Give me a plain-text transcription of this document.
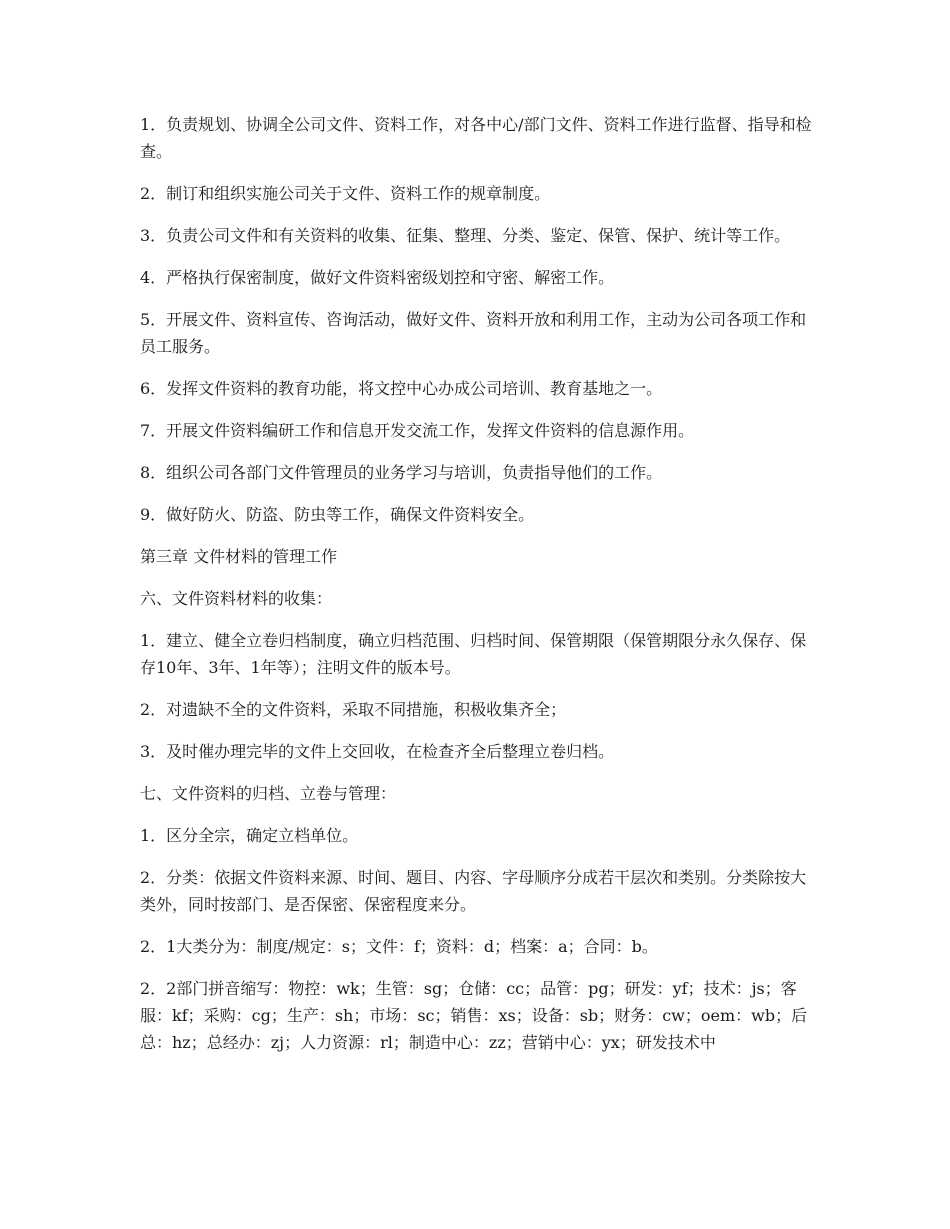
1．负责规划、协调全公司文件、资料工作，对各中心/部门文件、资料工作进行监督、指导和检查。

2．制订和组织实施公司关于文件、资料工作的规章制度。

3．负责公司文件和有关资料的收集、征集、整理、分类、鉴定、保管、保护、统计等工作。

4．严格执行保密制度，做好文件资料密级划控和守密、解密工作。

5．开展文件、资料宣传、咨询活动，做好文件、资料开放和利用工作，主动为公司各项工作和员工服务。

6．发挥文件资料的教育功能，将文控中心办成公司培训、教育基地之一。

7．开展文件资料编研工作和信息开发交流工作，发挥文件资料的信息源作用。

8．组织公司各部门文件管理员的业务学习与培训，负责指导他们的工作。

9．做好防火、防盗、防虫等工作，确保文件资料安全。

第三章 文件材料的管理工作

六、文件资料材料的收集：

1．建立、健全立卷归档制度，确立归档范围、归档时间、保管期限（保管期限分永久保存、保存10年、3年、1年等）；注明文件的版本号。

2．对遗缺不全的文件资料，采取不同措施，积极收集齐全；

3．及时催办理完毕的文件上交回收，在检查齐全后整理立卷归档。

七、文件资料的归档、立卷与管理：

1．区分全宗，确定立档单位。

2．分类：依据文件资料来源、时间、题目、内容、字母顺序分成若干层次和类别。分类除按大类外，同时按部门、是否保密、保密程度来分。

2．1大类分为：制度/规定：s；文件：f；资料：d；档案：a；合同：b。

2．2部门拼音缩写：物控：wk；生管：sg；仓储：cc；品管：pg；研发：yf；技术：js；客服：kf；采购：cg；生产：sh；市场：sc；销售：xs；设备：sb；财务：cw；oem：wb；后总：hz；总经办：zj；人力资源：rl；制造中心：zz；营销中心：yx；研发技术中
